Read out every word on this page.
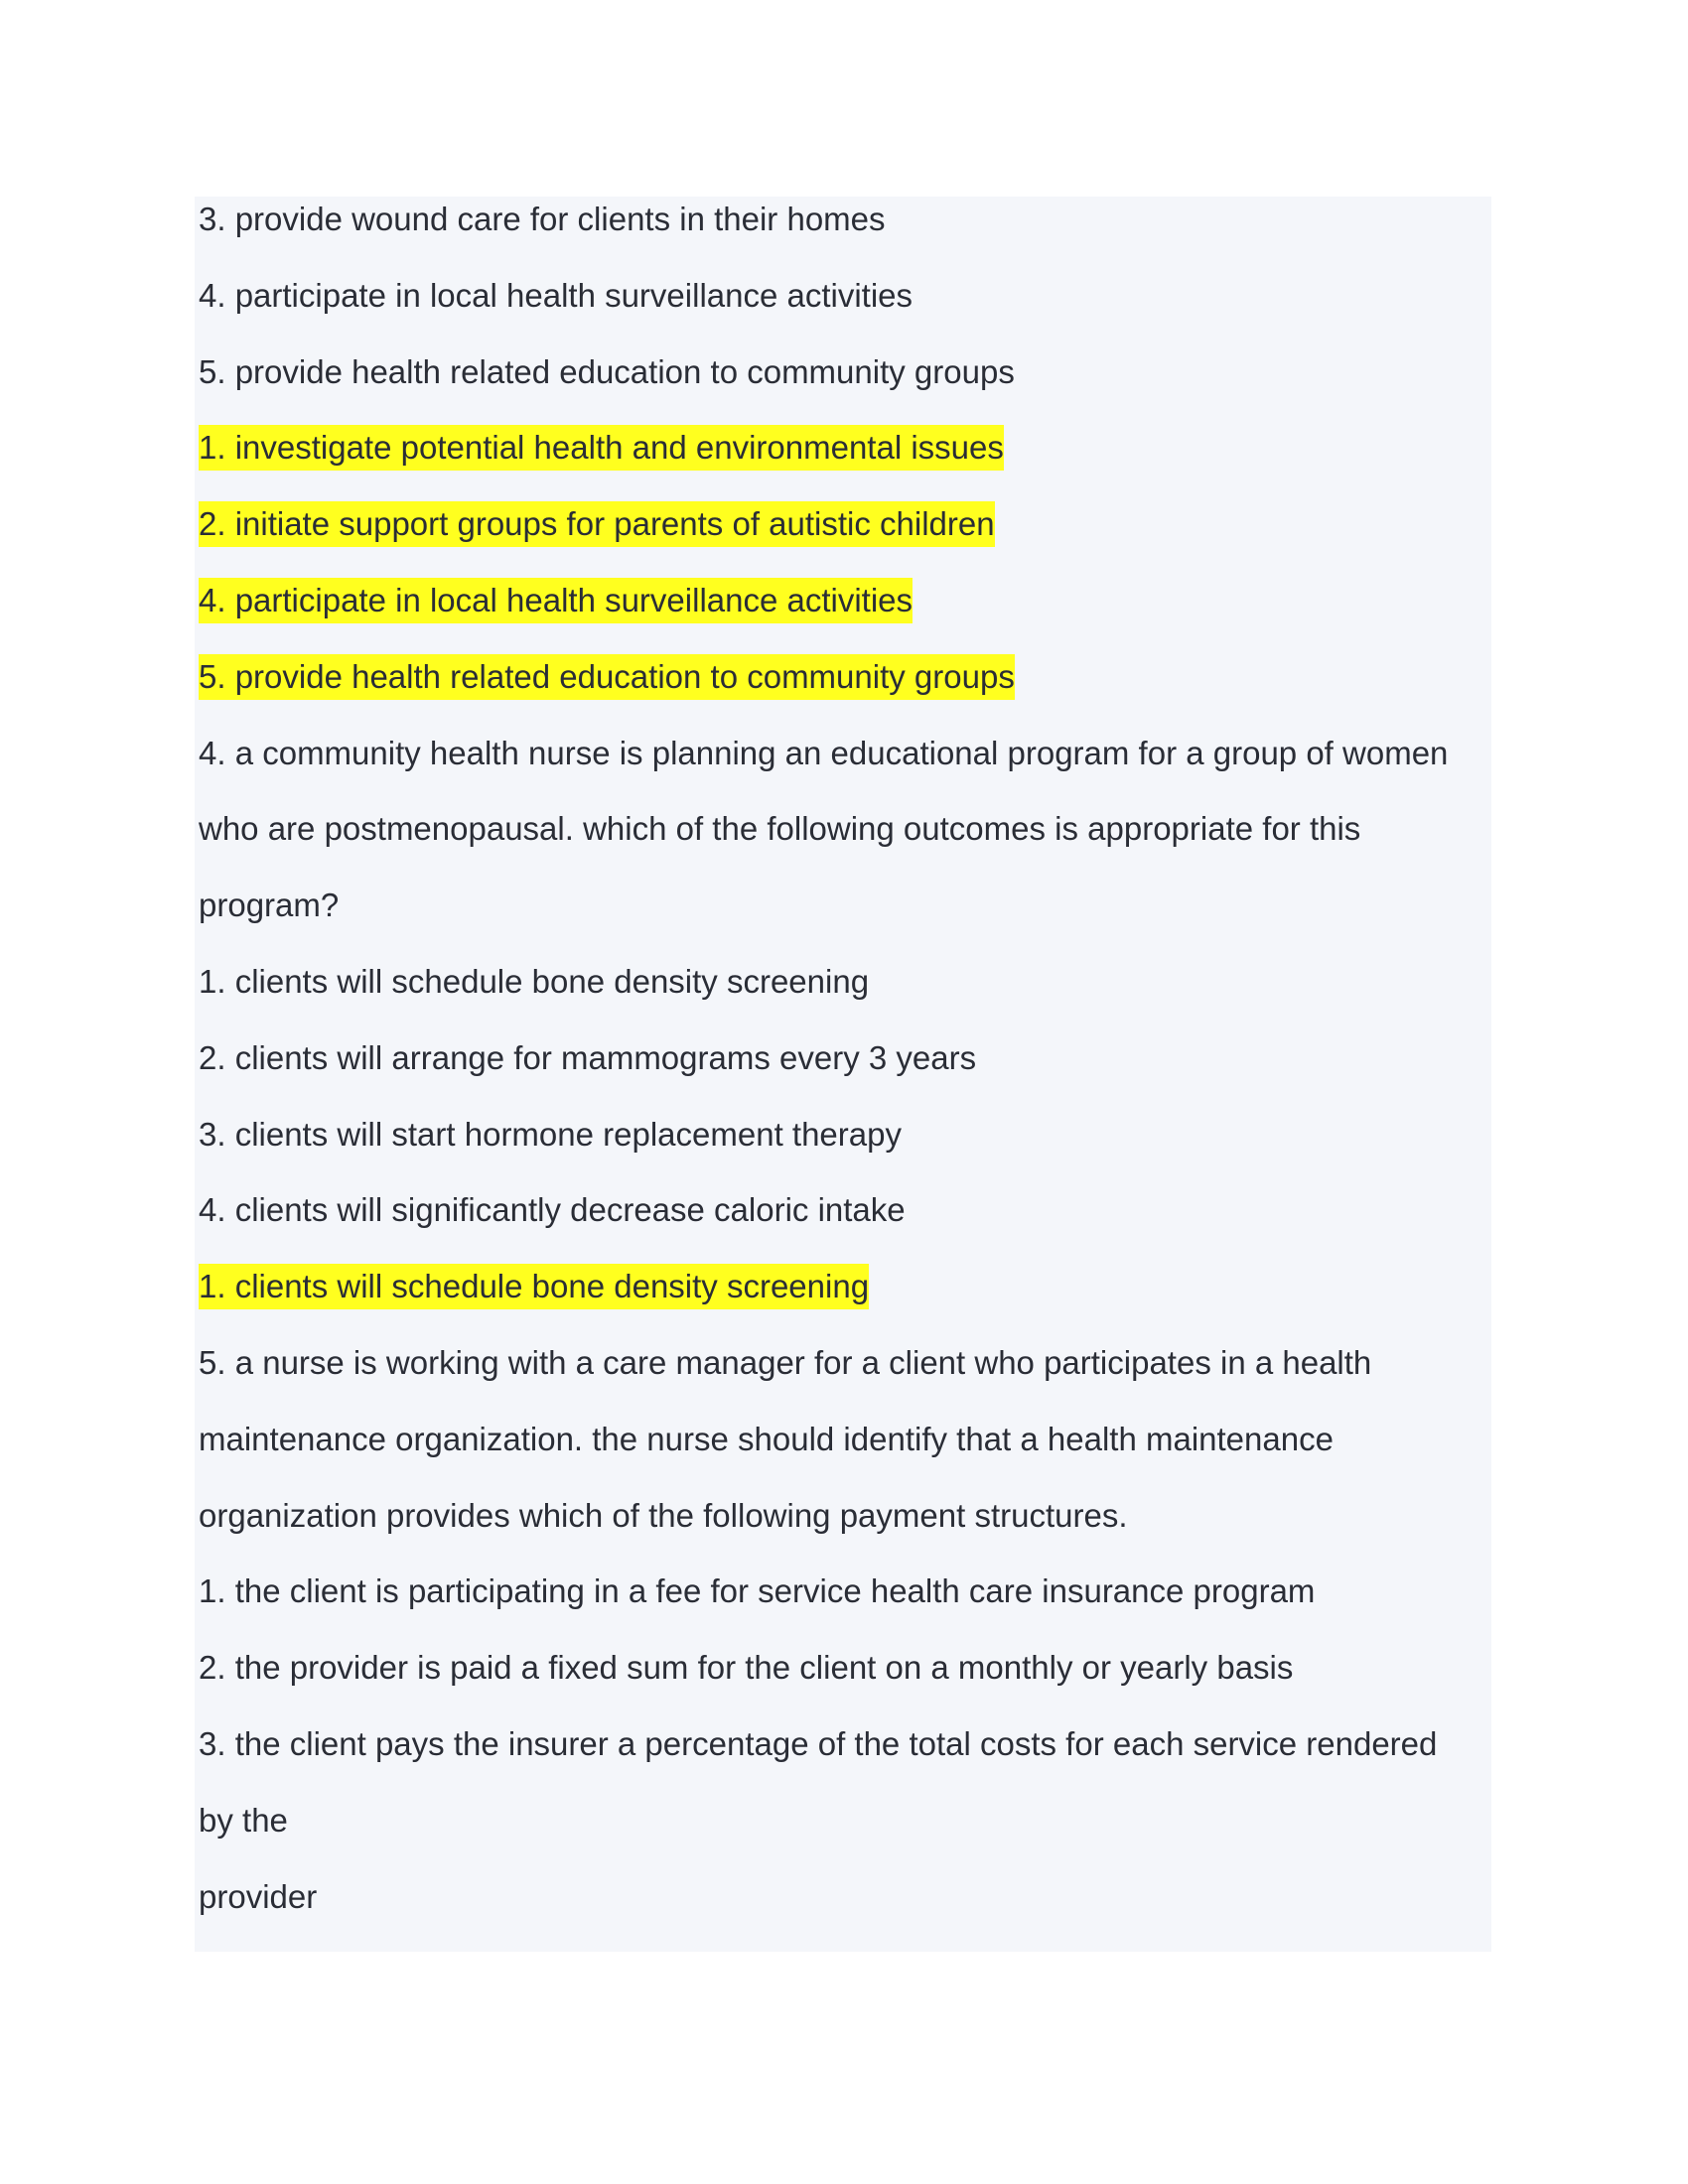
3. provide wound care for clients in their homes
4. participate in local health surveillance activities
5. provide health related education to community groups
1. investigate potential health and environmental issues
2. initiate support groups for parents of autistic children
4. participate in local health surveillance activities
5. provide health related education to community groups
4. a community health nurse is planning an educational program for a group of women
who are postmenopausal. which of the following outcomes is appropriate for this
program?
1. clients will schedule bone density screening
2. clients will arrange for mammograms every 3 years
3. clients will start hormone replacement therapy
4. clients will significantly decrease caloric intake
1. clients will schedule bone density screening
5. a nurse is working with a care manager for a client who participates in a health
maintenance organization. the nurse should identify that a health maintenance
organization provides which of the following payment structures.
1. the client is participating in a fee for service health care insurance program
2. the provider is paid a fixed sum for the client on a monthly or yearly basis
3. the client pays the insurer a percentage of the total costs for each service rendered
by the
provider
